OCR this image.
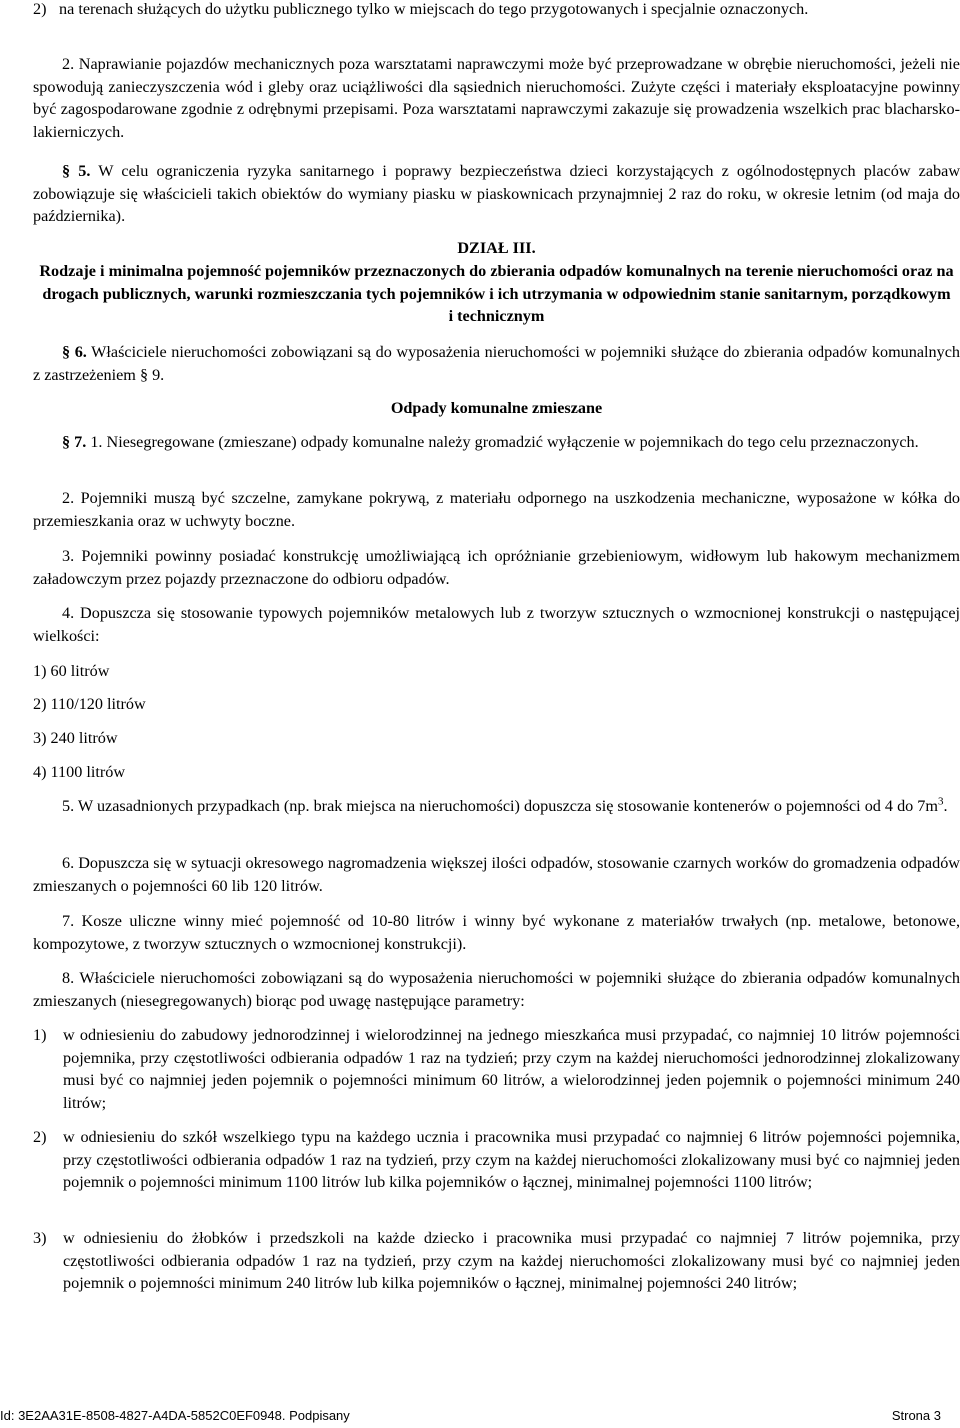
2) na terenach służących do użytku publicznego tylko w miejscach do tego przygotowanych i specjalnie oznaczonych.

2. Naprawianie pojazdów mechanicznych poza warsztatami naprawczymi może być przeprowadzane w obrębie nieruchomości, jeżeli nie spowodują zanieczyszczenia wód i gleby oraz uciążliwości dla sąsiednich nieruchomości. Zużyte części i materiały eksploatacyjne powinny być zagospodarowane zgodnie z odrębnymi przepisami. Poza warsztatami naprawczymi zakazuje się prowadzenia wszelkich prac blacharsko-lakierniczych.

§ 5. W celu ograniczenia ryzyka sanitarnego i poprawy bezpieczeństwa dzieci korzystających z ogólnodostępnych placów zabaw zobowiązuje się właścicieli takich obiektów do wymiany piasku w piaskownicach przynajmniej 2 raz do roku, w okresie letnim (od maja do października).

DZIAŁ III.

Rodzaje i minimalna pojemność pojemników przeznaczonych do zbierania odpadów komunalnych na terenie nieruchomości oraz na drogach publicznych, warunki rozmieszczania tych pojemników i ich utrzymania w odpowiednim stanie sanitarnym, porządkowym i technicznym

§ 6. Właściciele nieruchomości zobowiązani są do wyposażenia nieruchomości w pojemniki służące do zbierania odpadów komunalnych z zastrzeżeniem § 9.

Odpady komunalne zmieszane

§ 7. 1. Niesegregowane (zmieszane) odpady komunalne należy gromadzić wyłączenie w pojemnikach do tego celu przeznaczonych.

2. Pojemniki muszą być szczelne, zamykane pokrywą, z materiału odpornego na uszkodzenia mechaniczne, wyposażone w kółka do przemieszkania oraz w uchwyty boczne.

3. Pojemniki powinny posiadać konstrukcję umożliwiającą ich opróżnianie grzebieniowym, widłowym lub hakowym mechanizmem załadowczym przez pojazdy przeznaczone do odbioru odpadów.

4. Dopuszcza się stosowanie typowych pojemników metalowych lub z tworzyw sztucznych o wzmocnionej konstrukcji o następującej wielkości:

1) 60 litrów

2) 110/120 litrów

3) 240 litrów

4) 1100 litrów

5. W uzasadnionych przypadkach (np. brak miejsca na nieruchomości) dopuszcza się stosowanie kontenerów o pojemności od 4 do $7m^3$.

6. Dopuszcza się w sytuacji okresowego nagromadzenia większej ilości odpadów, stosowanie czarnych worków do gromadzenia odpadów zmieszanych o pojemności 60 lib 120 litrów.

7. Kosze uliczne winny mieć pojemność od 10-80 litrów i winny być wykonane z materiałów trwałych (np. metalowe, betonowe, kompozytowe, z tworzyw sztucznych o wzmocnionej konstrukcji).

8. Właściciele nieruchomości zobowiązani są do wyposażenia nieruchomości w pojemniki służące do zbierania odpadów komunalnych zmieszanych (niesegregowanych) biorąc pod uwagę następujące parametry:

1) w odniesieniu do zabudowy jednorodzinnej i wielorodzinnej na jednego mieszkańca musi przypadać, co najmniej 10 litrów pojemności pojemnika, przy częstotliwości odbierania odpadów 1 raz na tydzień; przy czym na każdej nieruchomości jednorodzinnej zlokalizowany musi być co najmniej jeden pojemnik o pojemności minimum 60 litrów, a wielorodzinnej jeden pojemnik o pojemności minimum 240 litrów;

2) w odniesieniu do szkół wszelkiego typu na każdego ucznia i pracownika musi przypadać co najmniej 6 litrów pojemności pojemnika, przy częstotliwości odbierania odpadów 1 raz na tydzień, przy czym na każdej nieruchomości zlokalizowany musi być co najmniej jeden pojemnik o pojemności minimum 1100 litrów lub kilka pojemników o łącznej, minimalnej pojemności 1100 litrów;

3) w odniesieniu do żłobków i przedszkoli na każde dziecko i pracownika musi przypadać co najmniej 7 litrów pojemnika, przy częstotliwości odbierania odpadów 1 raz na tydzień, przy czym na każdej nieruchomości zlokalizowany musi być co najmniej jeden pojemnik o pojemności minimum 240 litrów lub kilka pojemników o łącznej, minimalnej pojemności 240 litrów;

Id: 3E2AA31E-8508-4827-A4DA-5852C0EF0948. Podpisany	Strona 3
